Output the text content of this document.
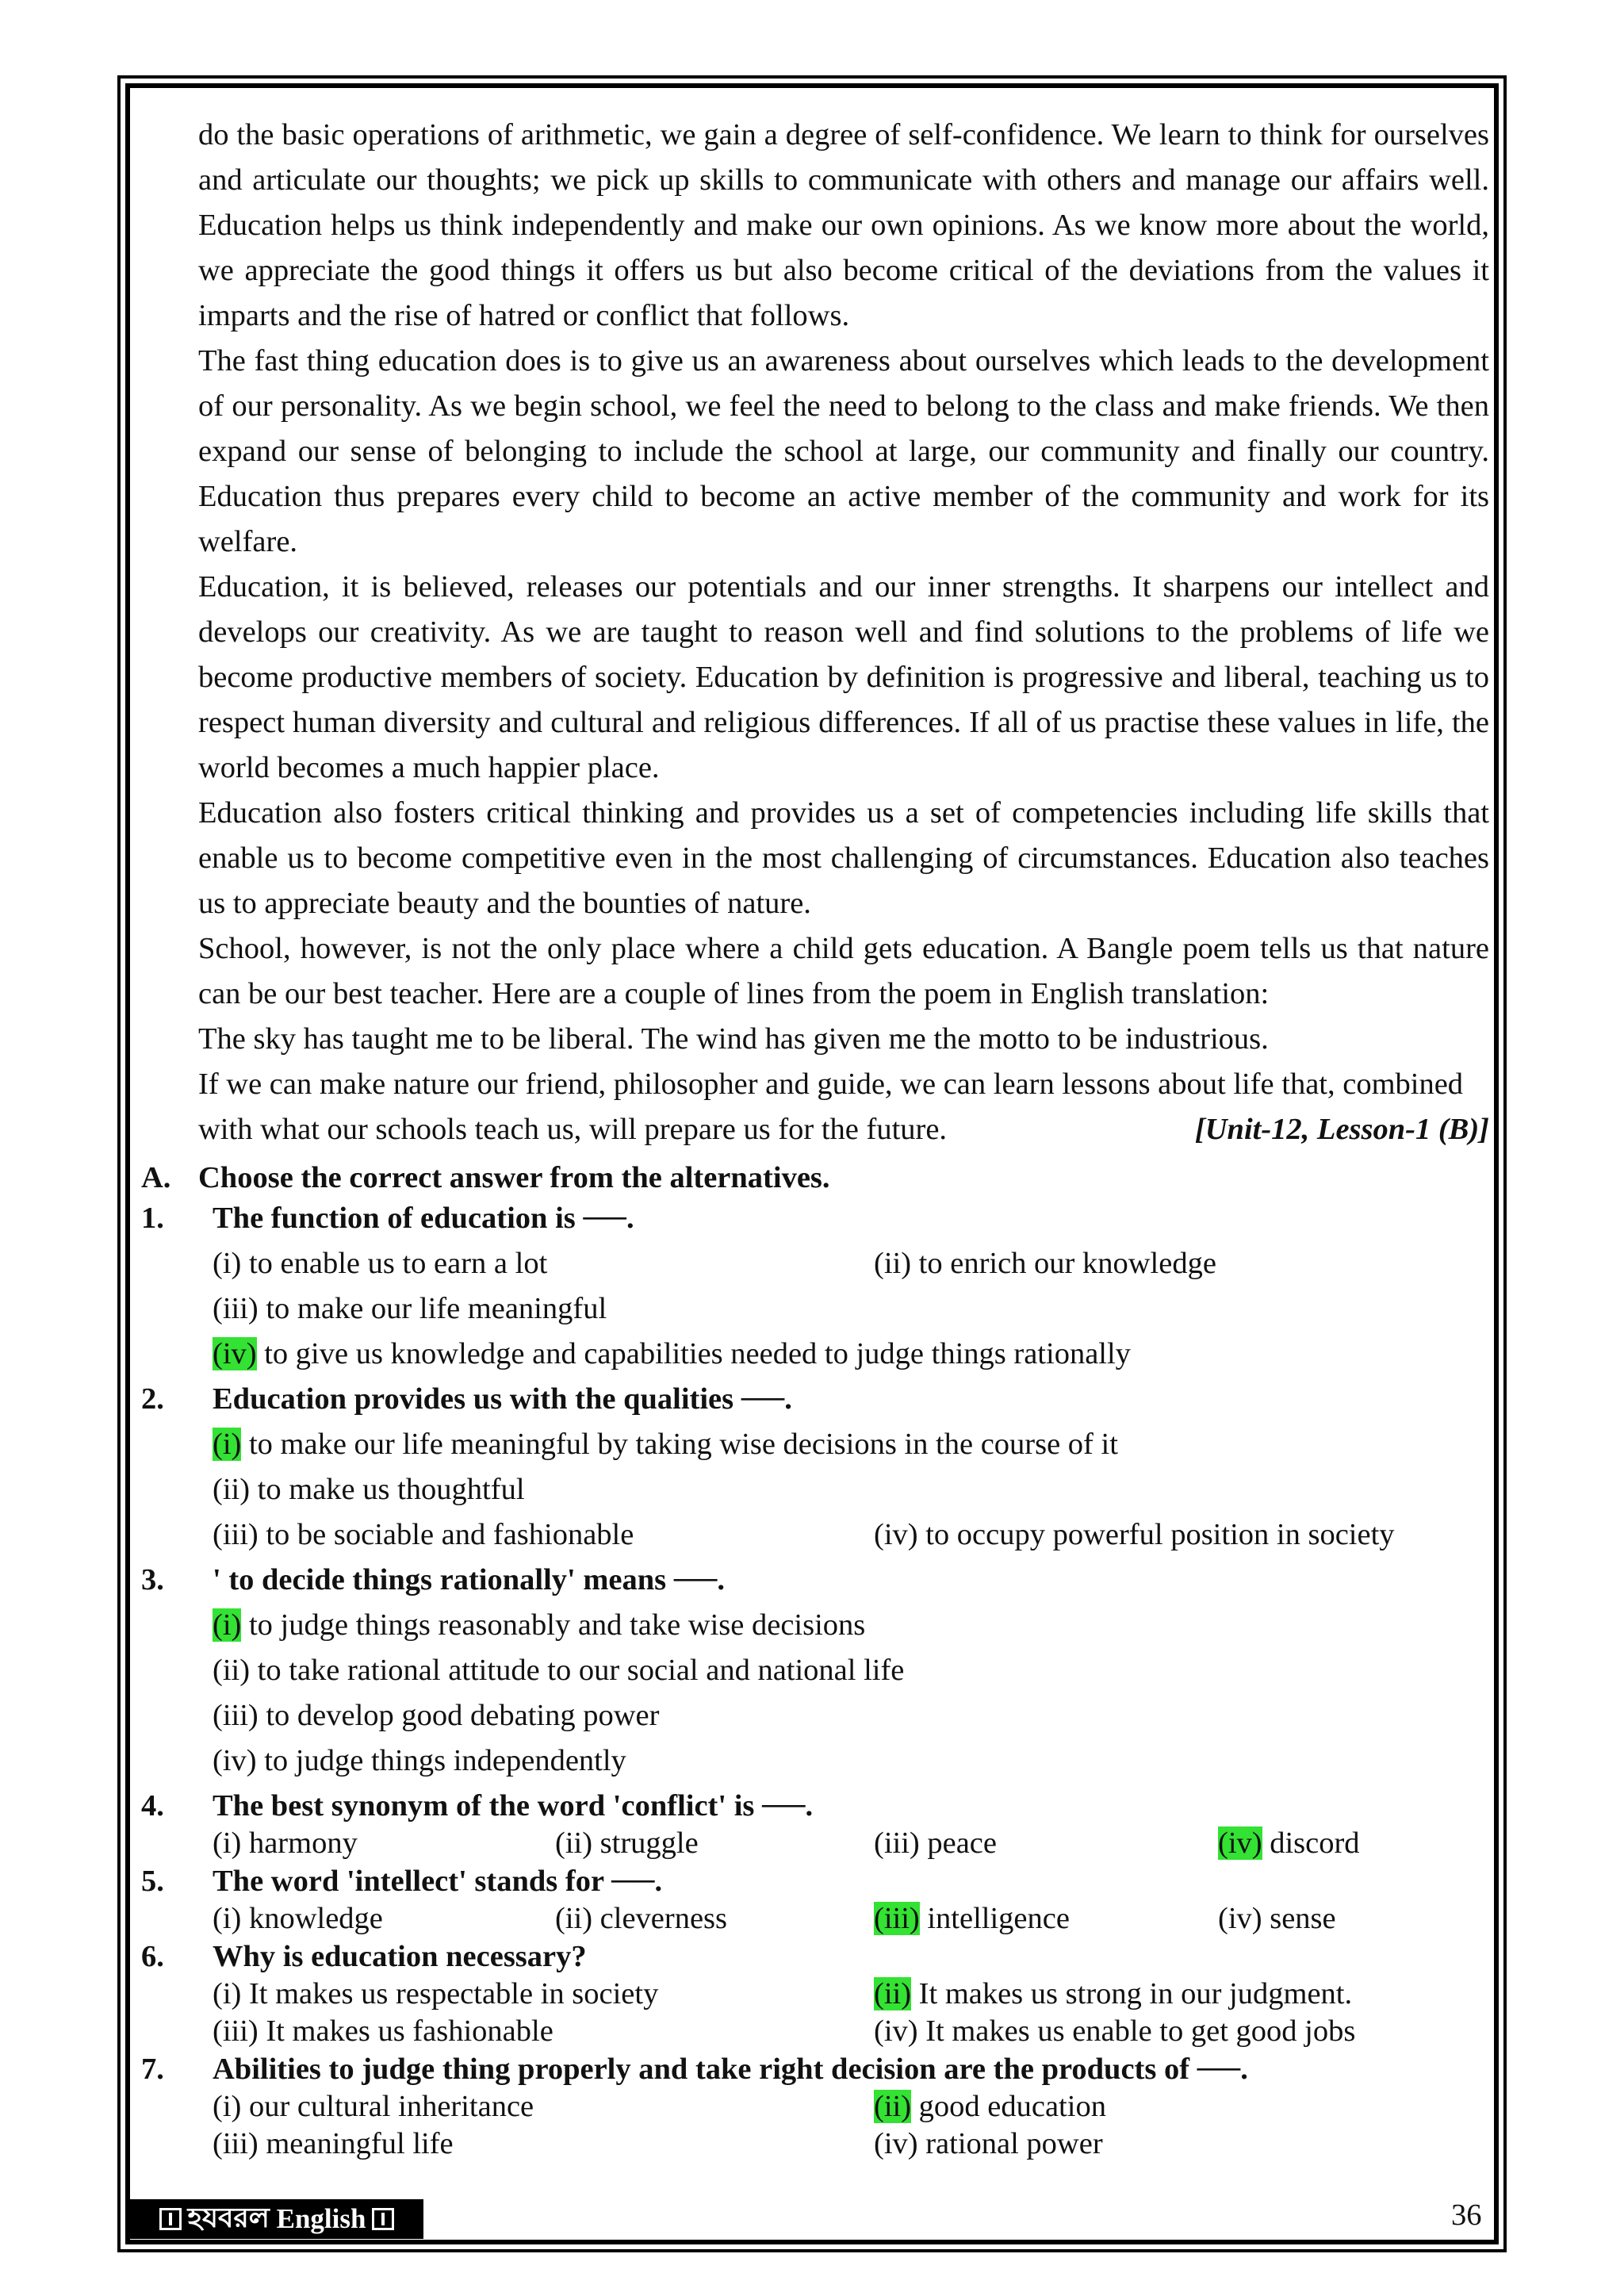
do the basic operations of arithmetic, we gain a degree of self-confidence. We learn to think for ourselves and articulate our thoughts; we pick up skills to communicate with others and manage our affairs well. Education helps us think independently and make our own opinions. As we know more about the world, we appreciate the good things it offers us but also become critical of the deviations from the values it imparts and the rise of hatred or conflict that follows.

The fast thing education does is to give us an awareness about ourselves which leads to the development of our personality. As we begin school, we feel the need to belong to the class and make friends. We then expand our sense of belonging to include the school at large, our community and finally our country. Education thus prepares every child to become an active member of the community and work for its welfare.

Education, it is believed, releases our potentials and our inner strengths. It sharpens our intellect and develops our creativity. As we are taught to reason well and find solutions to the problems of life we become productive members of society. Education by definition is progressive and liberal, teaching us to respect human diversity and cultural and religious differences. If all of us practise these values in life, the world becomes a much happier place.

Education also fosters critical thinking and provides us a set of competencies including life skills that enable us to become competitive even in the most challenging of circumstances. Education also teaches us to appreciate beauty and the bounties of nature.

School, however, is not the only place where a child gets education. A Bangle poem tells us that nature can be our best teacher. Here are a couple of lines from the poem in English translation:

The sky has taught me to be liberal. The wind has given me the motto to be industrious.

If we can make nature our friend, philosopher and guide, we can learn lessons about life that, combined with what our schools teach us, will prepare us for the future.	[Unit-12, Lesson-1 (B)]

A. Choose the correct answer from the alternatives.
1. The function of education is ──.
(i) to enable us to earn a lot	(ii) to enrich our knowledge
(iii) to make our life meaningful
(iv) to give us knowledge and capabilities needed to judge things rationally
2. Education provides us with the qualities ──.
(i) to make our life meaningful by taking wise decisions in the course of it
(ii) to make us thoughtful
(iii) to be sociable and fashionable	(iv) to occupy powerful position in society
3. ' to decide things rationally' means ──.
(i) to judge things reasonably and take wise decisions
(ii) to take rational attitude to our social and national life
(iii) to develop good debating power
(iv) to judge things independently
4. The best synonym of the word 'conflict' is ──.
(i) harmony	(ii) struggle	(iii) peace	(iv) discord
5. The word 'intellect' stands for ──.
(i) knowledge	(ii) cleverness	(iii) intelligence	(iv) sense
6. Why is education necessary?
(i) It makes us respectable in society	(ii) It makes us strong in our judgment.
(iii) It makes us fashionable	(iv) It makes us enable to get good jobs
7. Abilities to judge thing properly and take right decision are the products of ──.
(i) our cultural inheritance	(ii) good education
(iii) meaningful life	(iv) rational power
হযবরল
English	36
